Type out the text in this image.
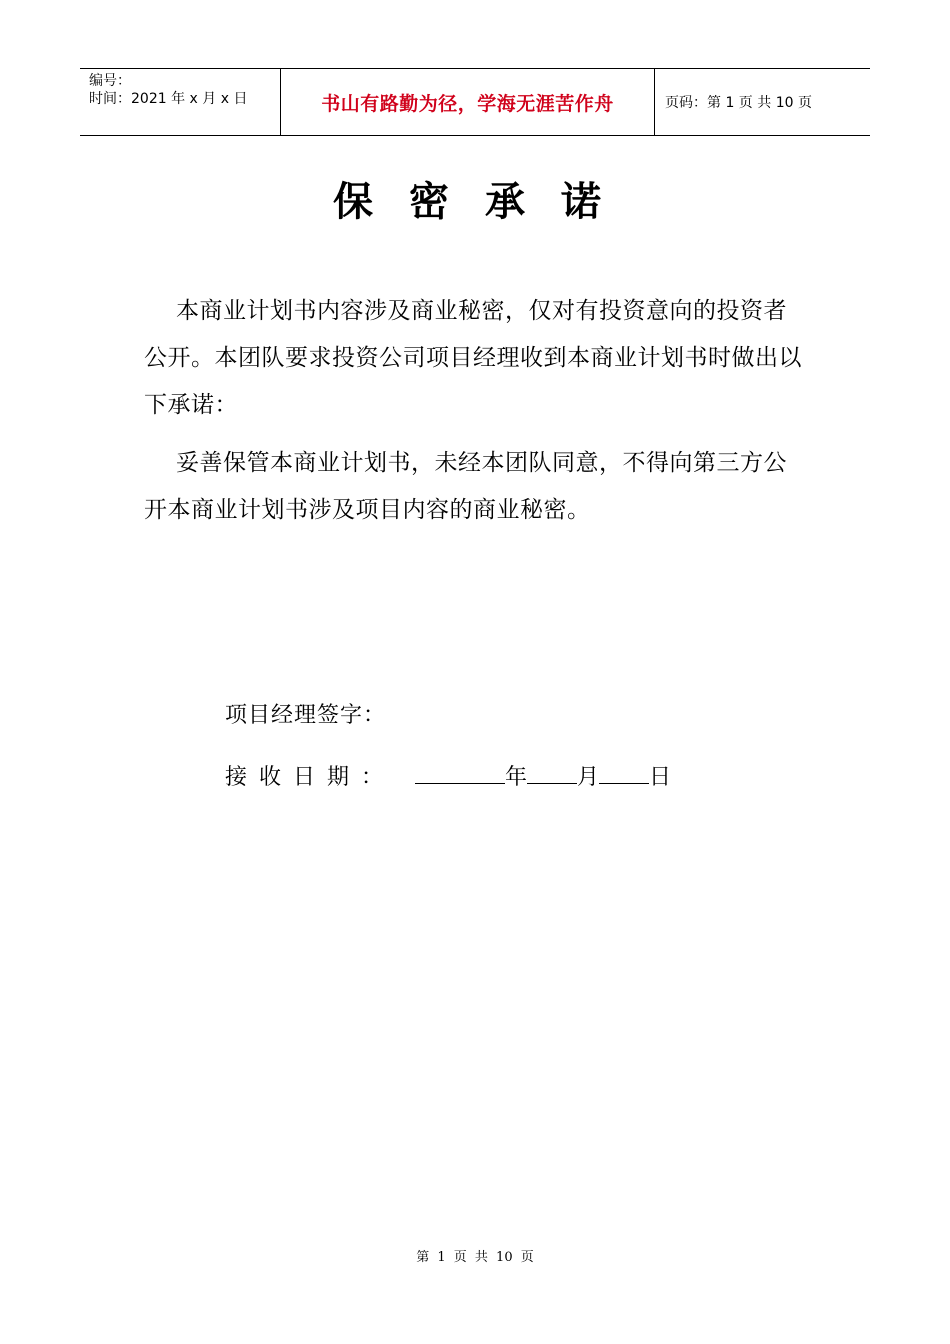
编号：
时间：2021 年 x 月 x 日	书山有路勤为径，学海无涯苦作舟	页码：第 1 页 共 10 页
保密承诺

本商业计划书内容涉及商业秘密，仅对有投资意向的投资者公开。本团队要求投资公司项目经理收到本商业计划书时做出以下承诺：

妥善保管本商业计划书，未经本团队同意，不得向第三方公开本商业计划书涉及项目内容的商业秘密。

项目经理签字：
接收日期：	年 月 日
第 1 页 共 10 页
